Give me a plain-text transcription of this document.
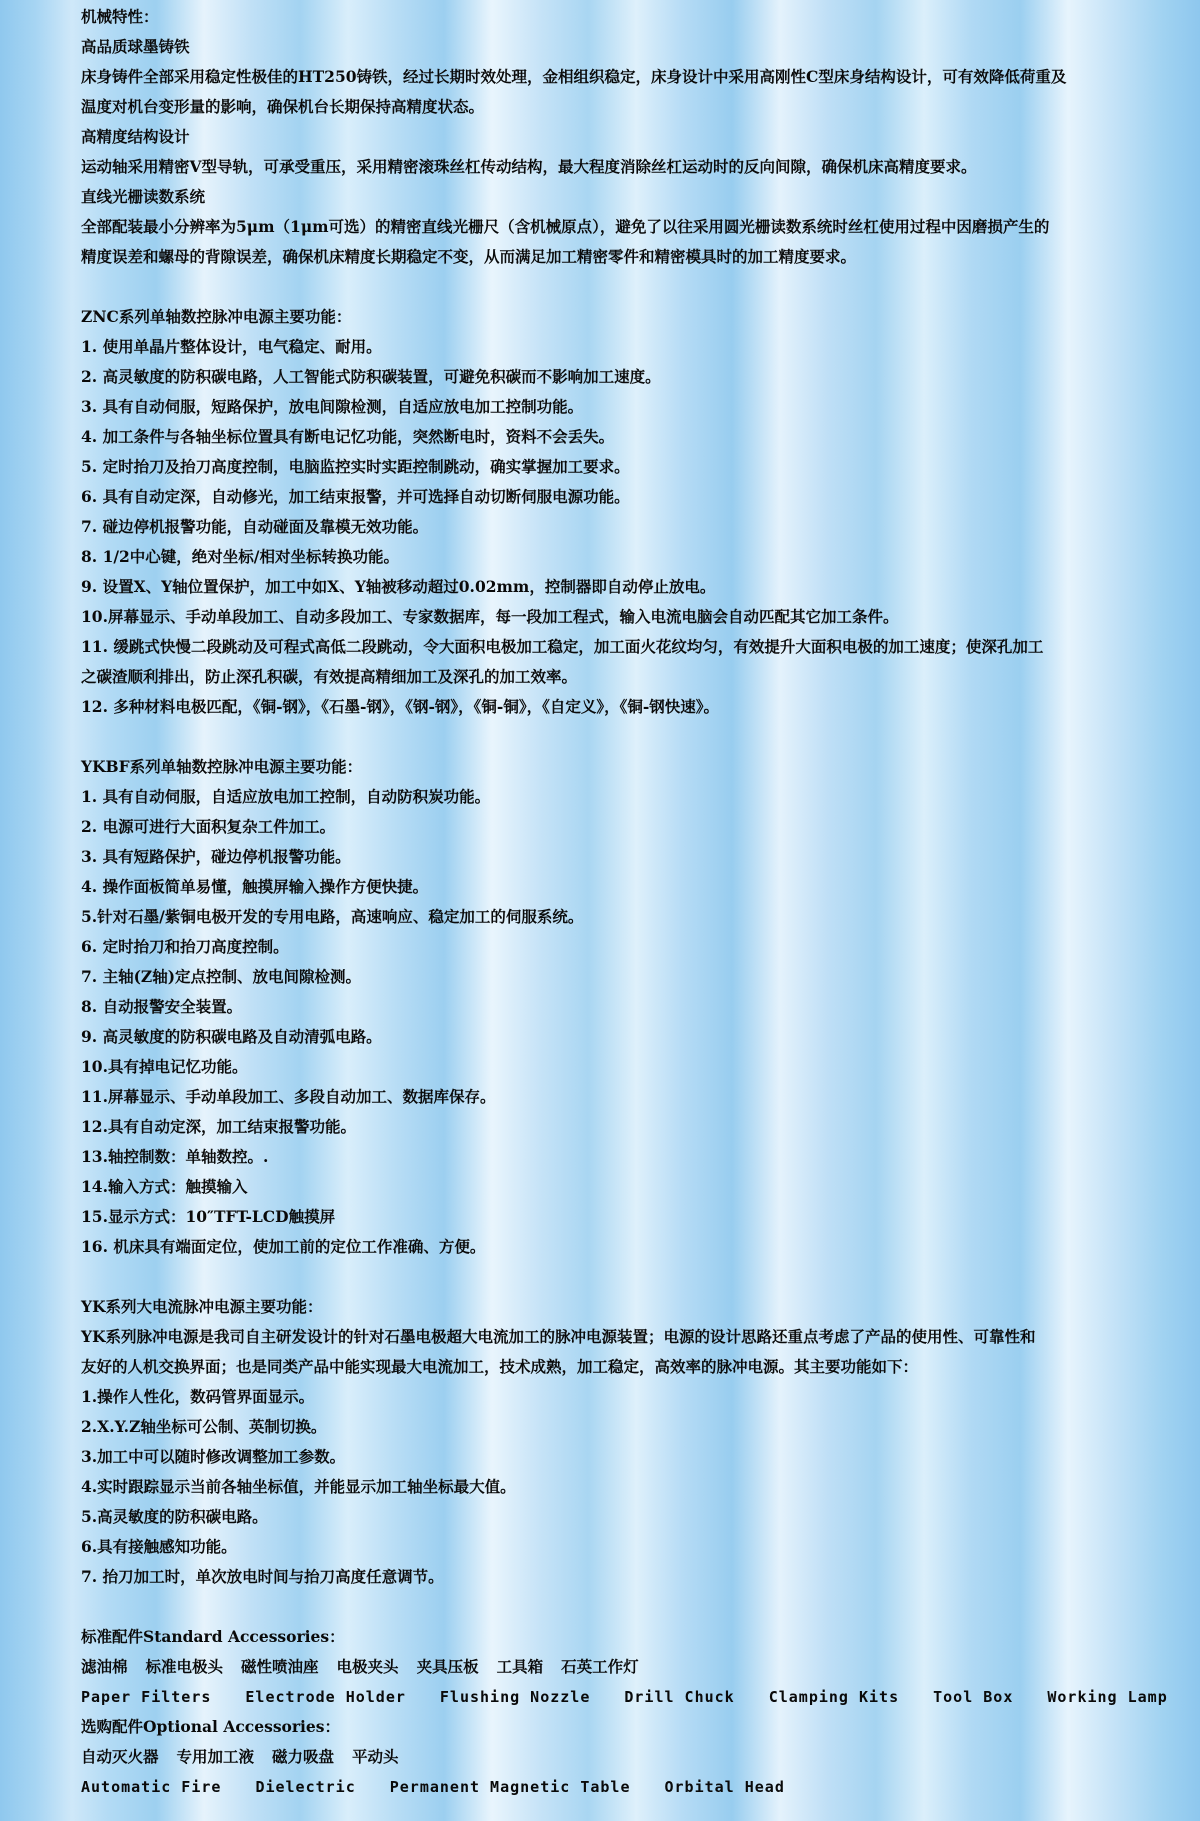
机械特性：
高品质球墨铸铁
床身铸件全部采用稳定性极佳的HT250铸铁，经过长期时效处理，金相组织稳定，床身设计中采用高刚性C型床身结构设计，可有效降低荷重及
温度对机台变形量的影响，确保机台长期保持高精度状态。
高精度结构设计
运动轴采用精密V型导轨，可承受重压，采用精密滚珠丝杠传动结构，最大程度消除丝杠运动时的反向间隙，确保机床高精度要求。
直线光栅读数系统
全部配装最小分辨率为5μm（1μm可选）的精密直线光栅尺（含机械原点），避免了以往采用圆光栅读数系统时丝杠使用过程中因磨损产生的
精度误差和螺母的背隙误差，确保机床精度长期稳定不变，从而满足加工精密零件和精密模具时的加工精度要求。
ZNC系列单轴数控脉冲电源主要功能：
1. 使用单晶片整体设计，电气稳定、耐用。
2. 高灵敏度的防积碳电路，人工智能式防积碳装置，可避免积碳而不影响加工速度。
3. 具有自动伺服，短路保护，放电间隙检测，自适应放电加工控制功能。
4. 加工条件与各轴坐标位置具有断电记忆功能，突然断电时，资料不会丢失。
5. 定时抬刀及抬刀高度控制，电脑监控实时实距控制跳动，确实掌握加工要求。
6. 具有自动定深，自动修光，加工结束报警，并可选择自动切断伺服电源功能。
7. 碰边停机报警功能，自动碰面及靠模无效功能。
8. 1/2中心键，绝对坐标/相对坐标转换功能。
9. 设置X、Y轴位置保护，加工中如X、Y轴被移动超过0.02mm，控制器即自动停止放电。
10.屏幕显示、手动单段加工、自动多段加工、专家数据库，每一段加工程式，输入电流电脑会自动匹配其它加工条件。
11. 缓跳式快慢二段跳动及可程式高低二段跳动，令大面积电极加工稳定，加工面火花纹均匀，有效提升大面积电极的加工速度；使深孔加工
之碳渣顺利排出，防止深孔积碳，有效提高精细加工及深孔的加工效率。
12. 多种材料电极匹配，《铜-钢》，《石墨-钢》，《钢-钢》，《铜-铜》，《自定义》，《铜-钢快速》。
YKBF系列单轴数控脉冲电源主要功能：
1. 具有自动伺服，自适应放电加工控制，自动防积炭功能。
2. 电源可进行大面积复杂工件加工。
3. 具有短路保护，碰边停机报警功能。
4. 操作面板简单易懂，触摸屏输入操作方便快捷。
5.针对石墨/紫铜电极开发的专用电路，高速响应、稳定加工的伺服系统。
6. 定时抬刀和抬刀高度控制。
7. 主轴(Z轴)定点控制、放电间隙检测。
8. 自动报警安全装置。
9. 高灵敏度的防积碳电路及自动清弧电路。
10.具有掉电记忆功能。
11.屏幕显示、手动单段加工、多段自动加工、数据库保存。
12.具有自动定深，加工结束报警功能。
13.轴控制数：单轴数控。.
14.输入方式：触摸输入
15.显示方式：10″TFT-LCD触摸屏
16. 机床具有端面定位，使加工前的定位工作准确、方便。
YK系列大电流脉冲电源主要功能：
YK系列脉冲电源是我司自主研发设计的针对石墨电极超大电流加工的脉冲电源装置；电源的设计思路还重点考虑了产品的使用性、可靠性和
友好的人机交换界面；也是同类产品中能实现最大电流加工，技术成熟，加工稳定，高效率的脉冲电源。其主要功能如下：
1.操作人性化，数码管界面显示。
2.X.Y.Z轴坐标可公制、英制切换。
3.加工中可以随时修改调整加工参数。
4.实时跟踪显示当前各轴坐标值，并能显示加工轴坐标最大值。
5.高灵敏度的防积碳电路。
6.具有接触感知功能。
7. 抬刀加工时，单次放电时间与抬刀高度任意调节。
标准配件Standard Accessories：
滤油棉 标准电极头 磁性喷油座 电极夹头 夹具压板 工具箱 石英工作灯
Paper Filters Electrode Holder Flushing Nozzle Drill Chuck Clamping Kits Tool Box Working Lamp
选购配件Optional Accessories：
自动灭火器 专用加工液 磁力吸盘 平动头
Automatic Fire Dielectric Permanent Magnetic Table Orbital Head
